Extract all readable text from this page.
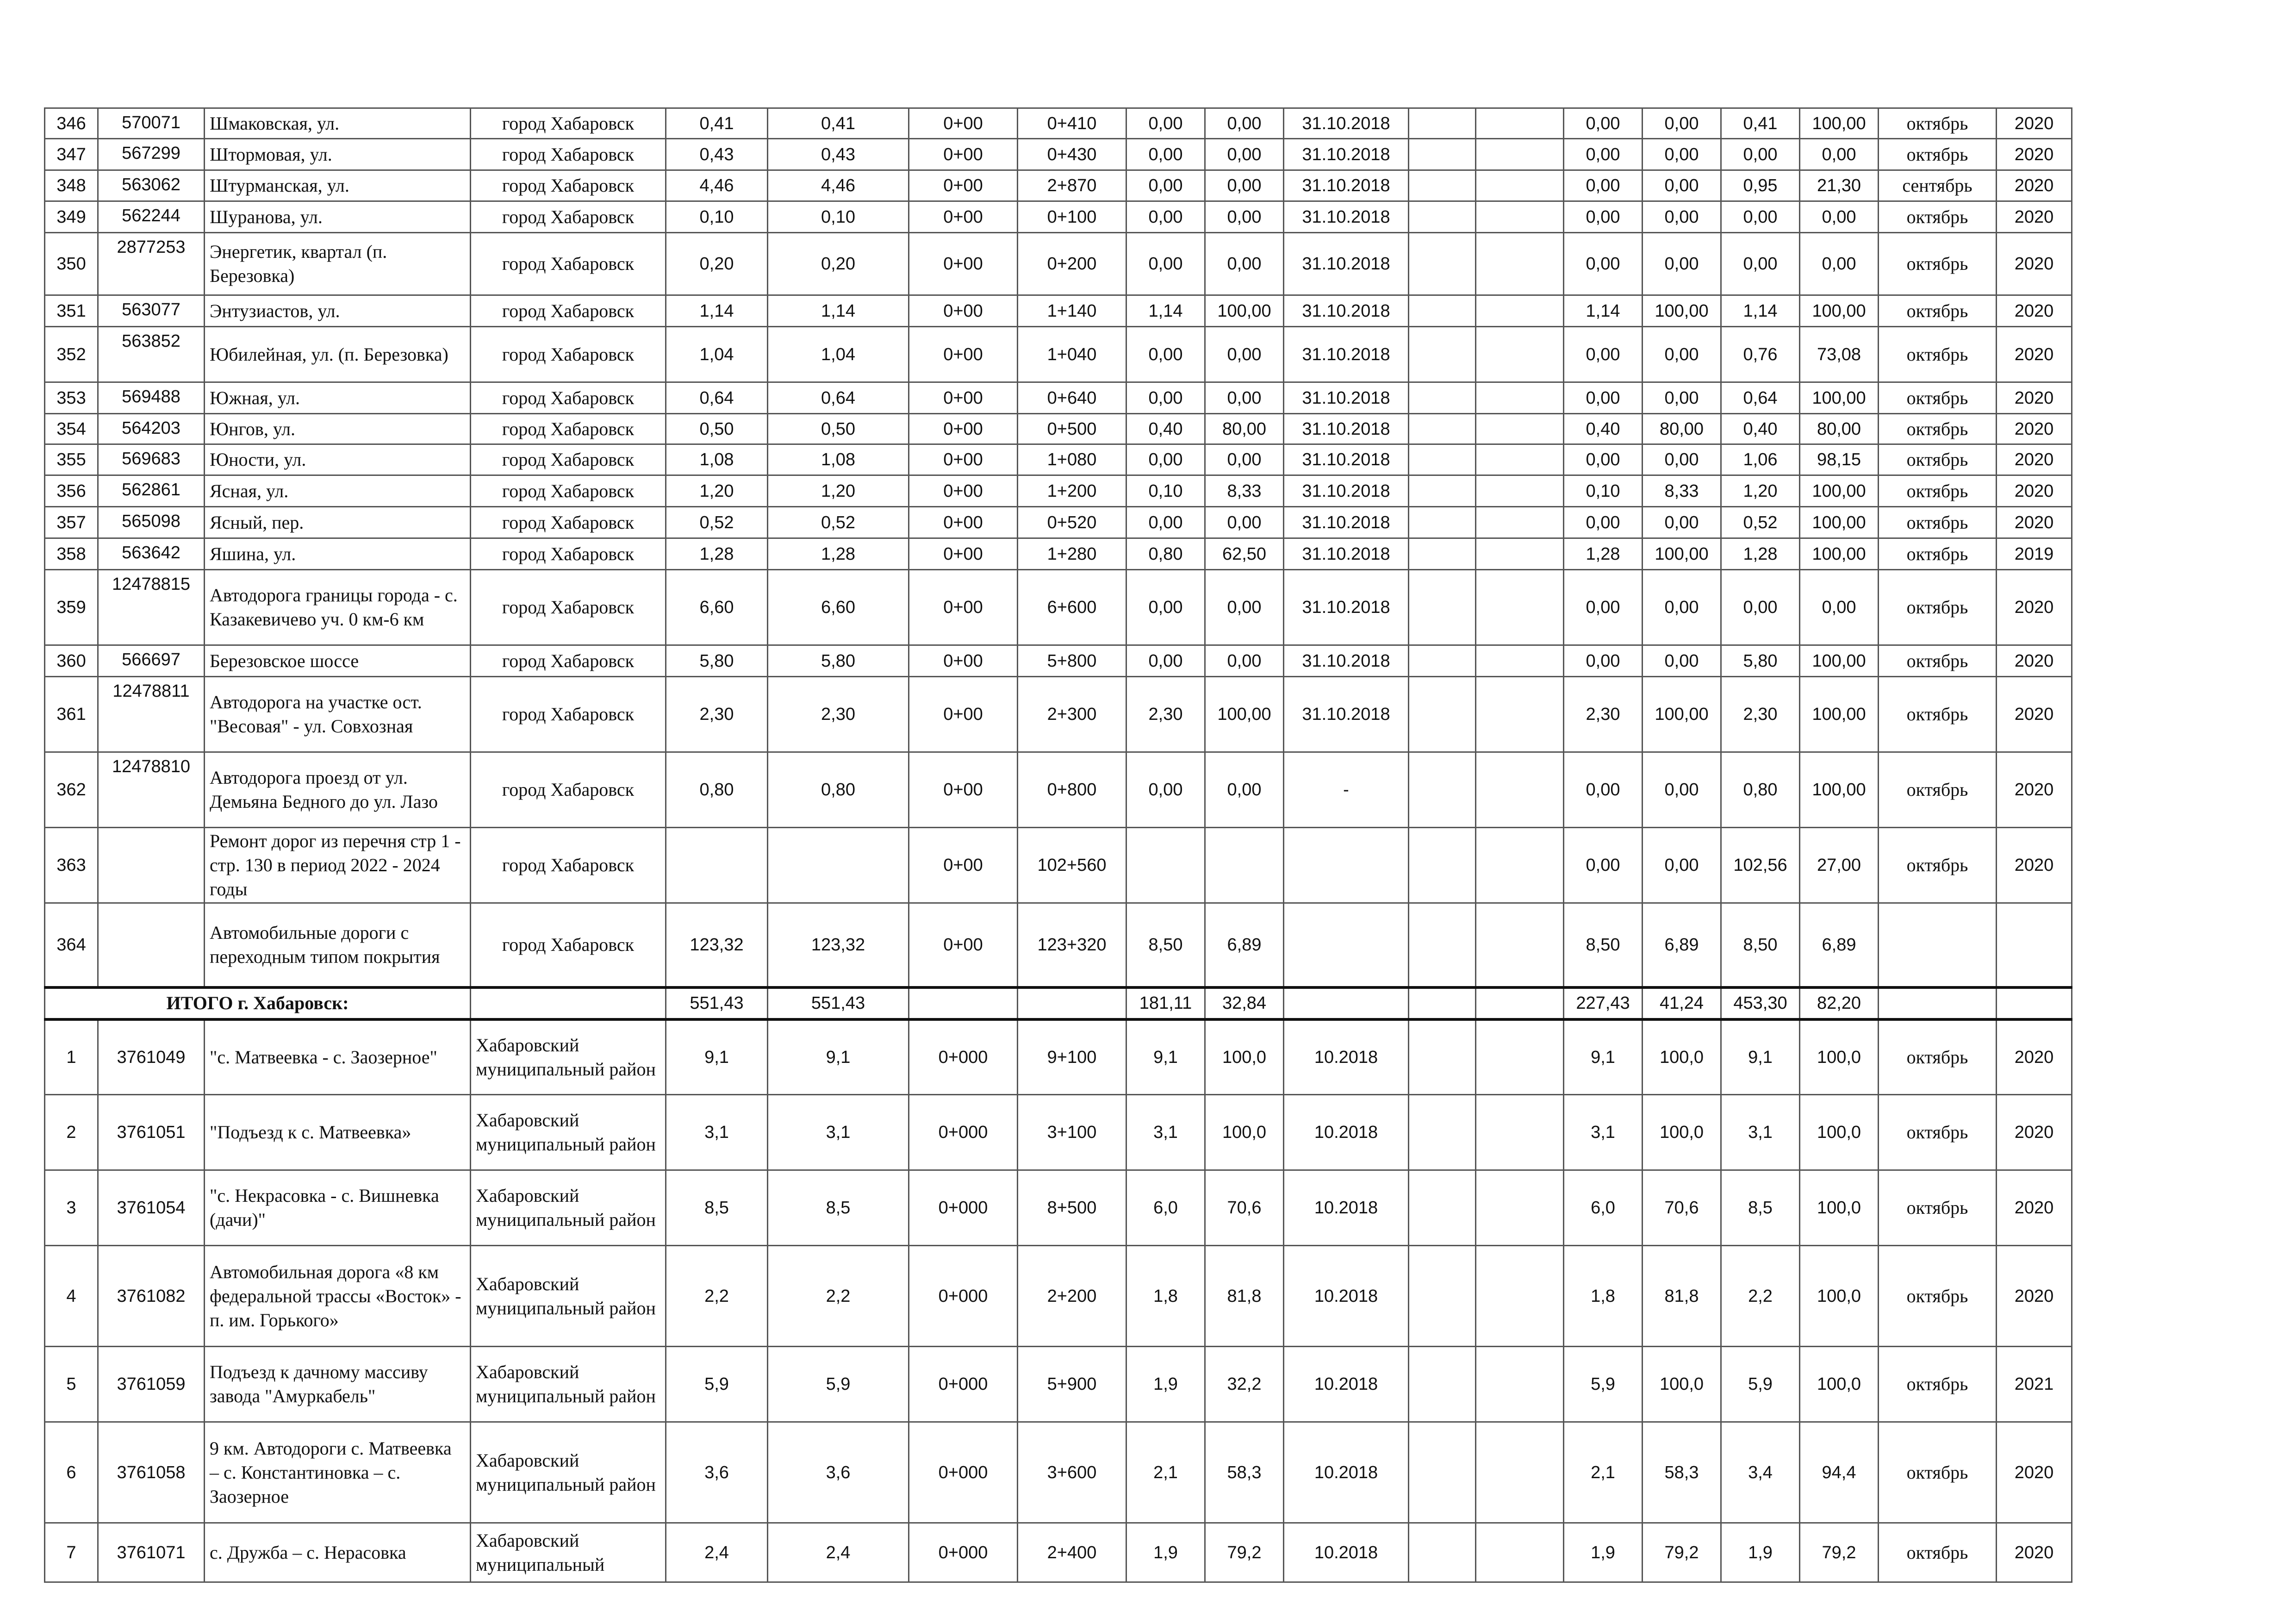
346	570071	Шмаковская, ул.	город Хабаровск	0,41	0,41	0+00	0+410	0,00	0,00	31.10.2018			0,00	0,00	0,41	100,00	октябрь	2020
347	567299	Штормовая, ул.	город Хабаровск	0,43	0,43	0+00	0+430	0,00	0,00	31.10.2018			0,00	0,00	0,00	0,00	октябрь	2020
348	563062	Штурманская, ул.	город Хабаровск	4,46	4,46	0+00	2+870	0,00	0,00	31.10.2018			0,00	0,00	0,95	21,30	сентябрь	2020
349	562244	Шуранова, ул.	город Хабаровск	0,10	0,10	0+00	0+100	0,00	0,00	31.10.2018			0,00	0,00	0,00	0,00	октябрь	2020
350	2877253	Энергетик, квартал (п. Березовка)	город Хабаровск	0,20	0,20	0+00	0+200	0,00	0,00	31.10.2018			0,00	0,00	0,00	0,00	октябрь	2020
351	563077	Энтузиастов, ул.	город Хабаровск	1,14	1,14	0+00	1+140	1,14	100,00	31.10.2018			1,14	100,00	1,14	100,00	октябрь	2020
352	563852	Юбилейная, ул. (п. Березовка)	город Хабаровск	1,04	1,04	0+00	1+040	0,00	0,00	31.10.2018			0,00	0,00	0,76	73,08	октябрь	2020
353	569488	Южная, ул.	город Хабаровск	0,64	0,64	0+00	0+640	0,00	0,00	31.10.2018			0,00	0,00	0,64	100,00	октябрь	2020
354	564203	Юнгов, ул.	город Хабаровск	0,50	0,50	0+00	0+500	0,40	80,00	31.10.2018			0,40	80,00	0,40	80,00	октябрь	2020
355	569683	Юности, ул.	город Хабаровск	1,08	1,08	0+00	1+080	0,00	0,00	31.10.2018			0,00	0,00	1,06	98,15	октябрь	2020
356	562861	Ясная, ул.	город Хабаровск	1,20	1,20	0+00	1+200	0,10	8,33	31.10.2018			0,10	8,33	1,20	100,00	октябрь	2020
357	565098	Ясный, пер.	город Хабаровск	0,52	0,52	0+00	0+520	0,00	0,00	31.10.2018			0,00	0,00	0,52	100,00	октябрь	2020
358	563642	Яшина, ул.	город Хабаровск	1,28	1,28	0+00	1+280	0,80	62,50	31.10.2018			1,28	100,00	1,28	100,00	октябрь	2019
359	12478815	Автодорога границы города - с. Казакевичево уч. 0 км-6 км	город Хабаровск	6,60	6,60	0+00	6+600	0,00	0,00	31.10.2018			0,00	0,00	0,00	0,00	октябрь	2020
360	566697	Березовское шоссе	город Хабаровск	5,80	5,80	0+00	5+800	0,00	0,00	31.10.2018			0,00	0,00	5,80	100,00	октябрь	2020
361	12478811	Автодорога на участке ост. "Весовая" - ул. Совхозная	город Хабаровск	2,30	2,30	0+00	2+300	2,30	100,00	31.10.2018			2,30	100,00	2,30	100,00	октябрь	2020
362	12478810	Автодорога проезд от ул. Демьяна Бедного до ул. Лазо	город Хабаровск	0,80	0,80	0+00	0+800	0,00	0,00	-			0,00	0,00	0,80	100,00	октябрь	2020
363		Ремонт дорог из перечня стр 1 - стр. 130 в период 2022 - 2024 годы	город Хабаровск			0+00	102+560						0,00	0,00	102,56	27,00	октябрь	2020
364		Автомобильные дороги с переходным типом покрытия	город Хабаровск	123,32	123,32	0+00	123+320	8,50	6,89				8,50	6,89	8,50	6,89		
ИТОГО г. Хабаровск:				551,43	551,43			181,11	32,84				227,43	41,24	453,30	82,20		
1	3761049	"с. Матвеевка - с. Заозерное"	Хабаровский муниципальный район	9,1	9,1	0+000	9+100	9,1	100,0	10.2018			9,1	100,0	9,1	100,0	октябрь	2020
2	3761051	"Подъезд к с. Матвеевка»	Хабаровский муниципальный район	3,1	3,1	0+000	3+100	3,1	100,0	10.2018			3,1	100,0	3,1	100,0	октябрь	2020
3	3761054	"с. Некрасовка - с. Вишневка (дачи)"	Хабаровский муниципальный район	8,5	8,5	0+000	8+500	6,0	70,6	10.2018			6,0	70,6	8,5	100,0	октябрь	2020
4	3761082	Автомобильная дорога «8 км федеральной трассы «Восток» - п. им. Горького»	Хабаровский муниципальный район	2,2	2,2	0+000	2+200	1,8	81,8	10.2018			1,8	81,8	2,2	100,0	октябрь	2020
5	3761059	Подъезд к дачному массиву завода "Амуркабель"	Хабаровский муниципальный район	5,9	5,9	0+000	5+900	1,9	32,2	10.2018			5,9	100,0	5,9	100,0	октябрь	2021
6	3761058	9 км. Автодороги с. Матвеевка – с. Константиновка – с. Заозерное	Хабаровский муниципальный район	3,6	3,6	0+000	3+600	2,1	58,3	10.2018			2,1	58,3	3,4	94,4	октябрь	2020
7	3761071	с. Дружба – с. Нерасовка	Хабаровский муниципальный	2,4	2,4	0+000	2+400	1,9	79,2	10.2018			1,9	79,2	1,9	79,2	октябрь	2020
